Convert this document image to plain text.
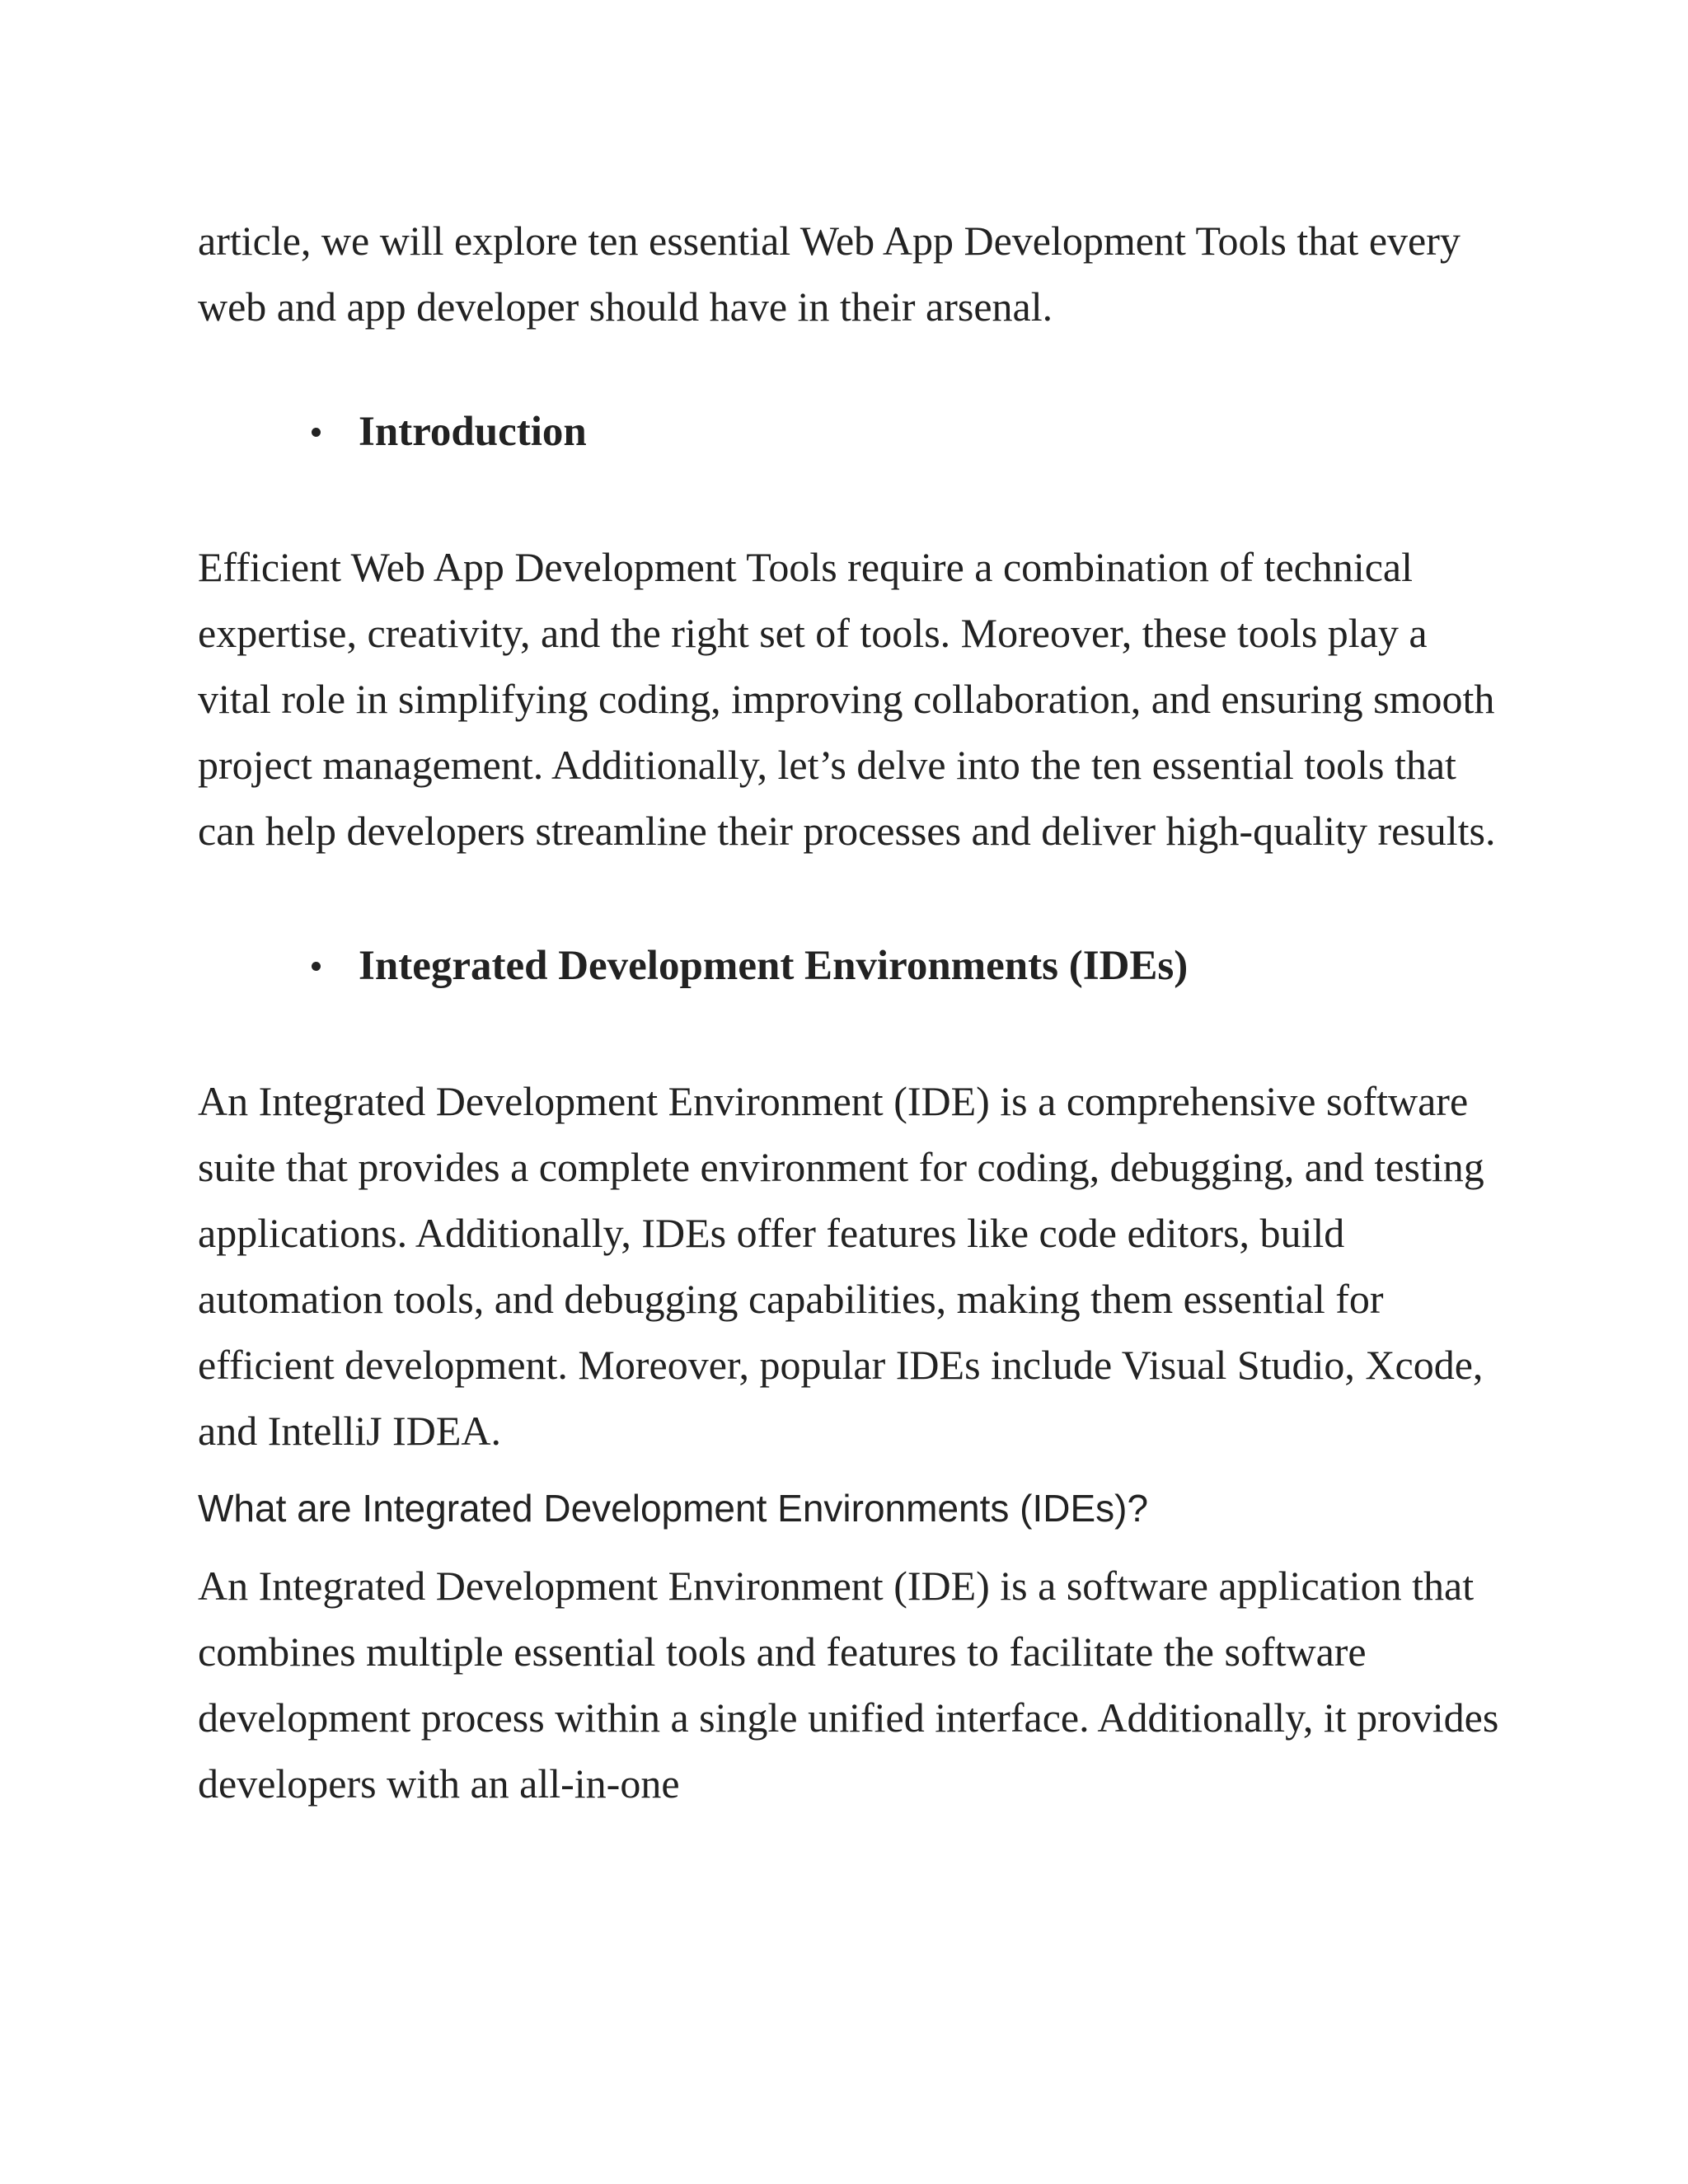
article, we will explore ten essential Web App Development Tools that every web and app developer should have in their arsenal.

Introduction

Efficient Web App Development Tools require a combination of technical expertise, creativity, and the right set of tools. Moreover, these tools play a vital role in simplifying coding, improving collaboration, and ensuring smooth project management. Additionally, let’s delve into the ten essential tools that can help developers streamline their processes and deliver high-quality results.

Integrated Development Environments (IDEs)

An Integrated Development Environment (IDE) is a comprehensive software suite that provides a complete environment for coding, debugging, and testing applications. Additionally, IDEs offer features like code editors, build automation tools, and debugging capabilities, making them essential for efficient development. Moreover, popular IDEs include Visual Studio, Xcode, and IntelliJ IDEA.

What are Integrated Development Environments (IDEs)?

An Integrated Development Environment (IDE) is a software application that combines multiple essential tools and features to facilitate the software development process within a single unified interface. Additionally, it provides developers with an all-in-one
